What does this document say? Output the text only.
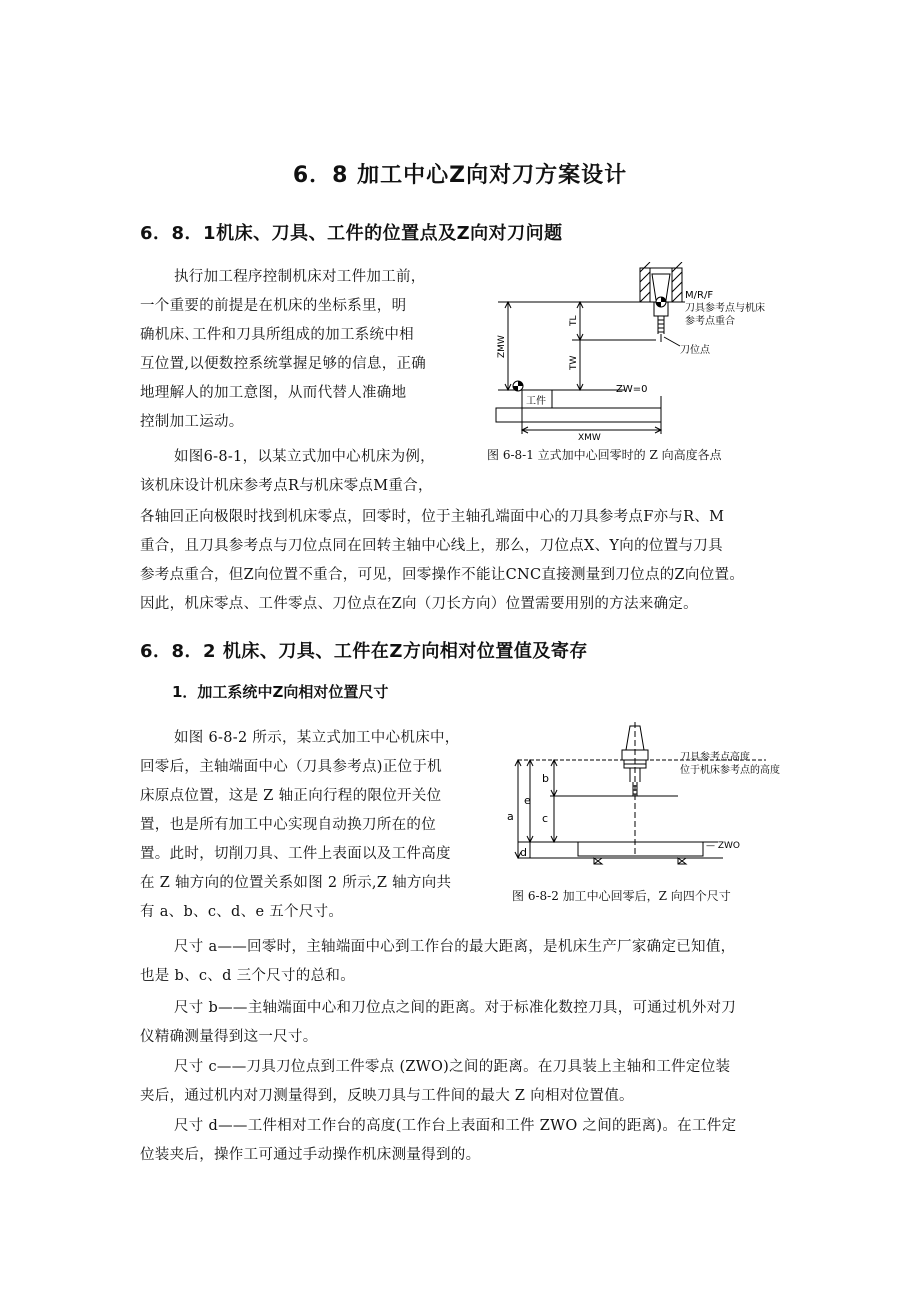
6．8 加工中心Z向对刀方案设计
6．8．1机床、刀具、工件的位置点及Z向对刀问题
执行加工程序控制机床对工件加工前，
一个重要的前提是在机床的坐标系里，明
确机床､工件和刀具所组成的加工系统中相
互位置,以便数控系统掌握足够的信息，正确
地理解人的加工意图，从而代替人准确地
控制加工运动。
如图6-8-1，以某立式加中心机床为例，
该机床设计机床参考点R与机床零点M重合，
各轴回正向极限时找到机床零点，回零时，位于主轴孔端面中心的刀具参考点F亦与R、M
重合，且刀具参考点与刀位点同在回转主轴中心线上，那么，刀位点X、Y向的位置与刀具
参考点重合，但Z向位置不重合，可见，回零操作不能让CNC直接测量到刀位点的Z向位置。
因此，机床零点、工件零点、刀位点在Z向（刀长方向）位置需要用别的方法来确定。
M/R/F
刀具参考点与机床
参考点重合
刀位点
ZW=0
工件
XMW
ZMW
TL
TW
图 6-8-1 立式加中心回零时的 Z 向高度各点
6．8．2 机床、刀具、工件在Z方向相对位置值及寄存
1．加工系统中Z向相对位置尺寸
如图 6-8-2 所示，某立式加工中心机床中，
回零后，主轴端面中心（刀具参考点)正位于机
床原点位置，这是 Z 轴正向行程的限位开关位
置，也是所有加工中心实现自动换刀所在的位
置。此时，切削刀具、工件上表面以及工件高度
在 Z 轴方向的位置关系如图 2 所示,Z 轴方向共
有 a、b、c、d、e 五个尺寸。
刀具参考点高度
位于机床参考点的高度
— ZWO
a
b
c
d
e
图 6-8-2 加工中心回零后，Z 向四个尺寸
尺寸 a——回零时，主轴端面中心到工作台的最大距离，是机床生产厂家确定已知值，
也是 b、c、d 三个尺寸的总和。
尺寸 b——主轴端面中心和刀位点之间的距离。对于标准化数控刀具，可通过机外对刀
仪精确测量得到这一尺寸。
尺寸 c——刀具刀位点到工件零点 (ZWO)之间的距离。在刀具装上主轴和工件定位装
夹后，通过机内对刀测量得到，反映刀具与工件间的最大 Z 向相对位置值。
尺寸 d——工件相对工作台的高度(工作台上表面和工件 ZWO 之间的距离)。在工件定
位装夹后，操作工可通过手动操作机床测量得到的。
